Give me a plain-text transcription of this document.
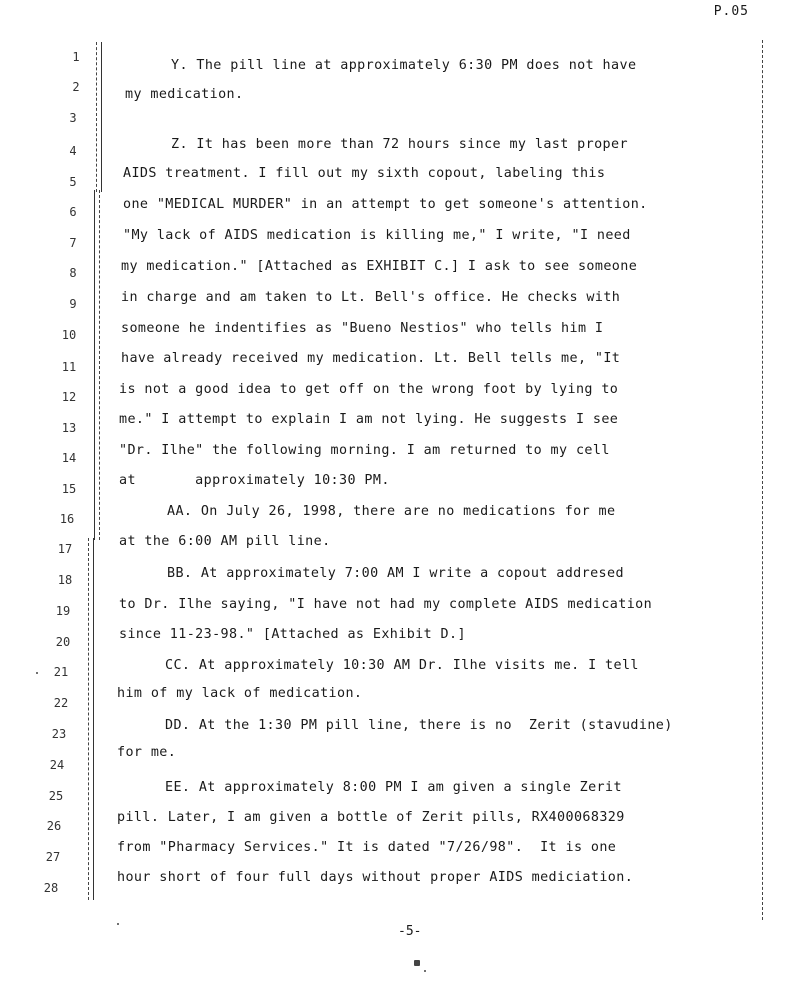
P.05
1
2
3
4
5
6
7
8
9
10
11
12
13
14
15
16
17
18
19
20
21
22
23
24
25
26
27
28
Y. The pill line at approximately 6:30 PM does not have
my medication.
Z. It has been more than 72 hours since my last proper
AIDS treatment. I fill out my sixth copout, labeling this
one "MEDICAL MURDER" in an attempt to get someone's attention.
"My lack of AIDS medication is killing me," I write, "I need
my medication." [Attached as EXHIBIT C.] I ask to see someone
in charge and am taken to Lt. Bell's office. He checks with
someone he indentifies as "Bueno Nestios" who tells him I
have already received my medication. Lt. Bell tells me, "It
is not a good idea to get off on the wrong foot by lying to
me." I attempt to explain I am not lying. He suggests I see
"Dr. Ilhe" the following morning. I am returned to my cell
at       approximately 10:30 PM.
AA. On July 26, 1998, there are no medications for me
at the 6:00 AM pill line.
BB. At approximately 7:00 AM I write a copout addresed
to Dr. Ilhe saying, "I have not had my complete AIDS medication
since 11-23-98." [Attached as Exhibit D.]
CC. At approximately 10:30 AM Dr. Ilhe visits me. I tell
him of my lack of medication.
DD. At the 1:30 PM pill line, there is no  Zerit (stavudine)
for me.
EE. At approximately 8:00 PM I am given a single Zerit
pill. Later, I am given a bottle of Zerit pills, RX400068329
from "Pharmacy Services." It is dated "7/26/98".  It is one
hour short of four full days without proper AIDS mediciation.
-5-
